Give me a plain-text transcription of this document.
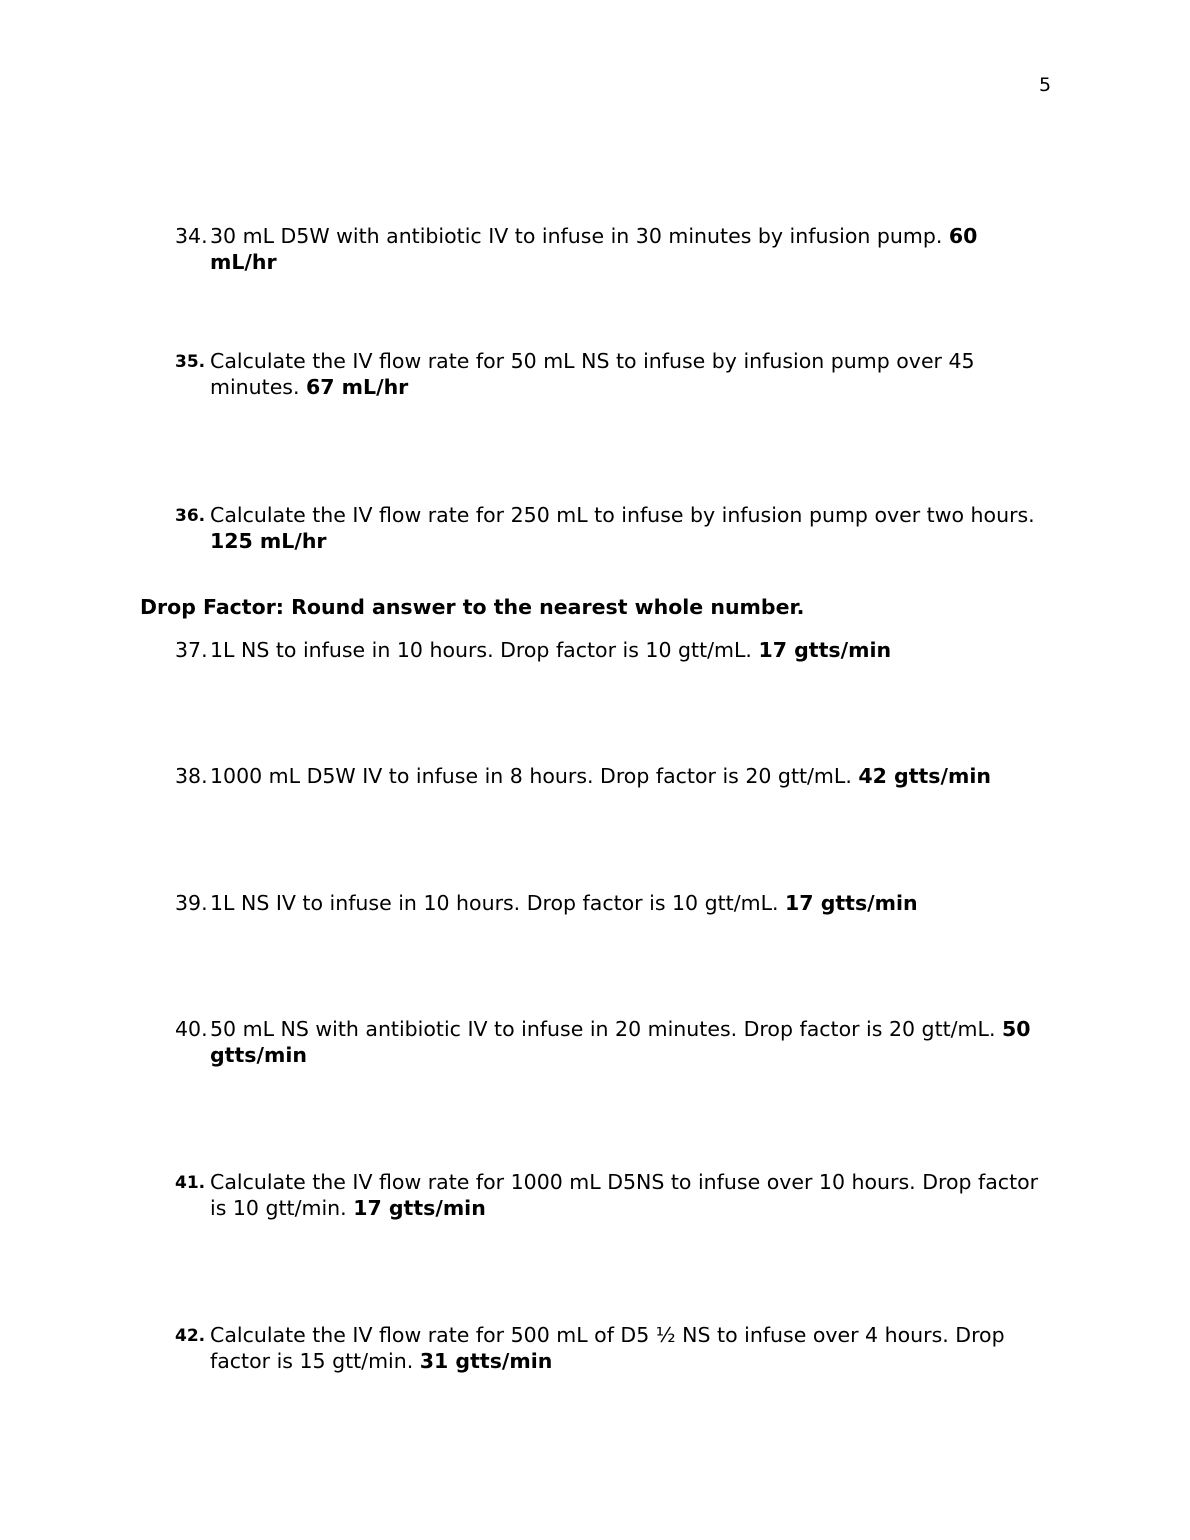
5
34. 30 mL D5W with antibiotic IV to infuse in 30 minutes by infusion pump. 60 mL/hr
35. Calculate the IV flow rate for 50 mL NS to infuse by infusion pump over 45 minutes. 67 mL/hr
36. Calculate the IV flow rate for 250 mL to infuse by infusion pump over two hours. 125 mL/hr
Drop Factor: Round answer to the nearest whole number.
37. 1L NS to infuse in 10 hours. Drop factor is 10 gtt/mL. 17 gtts/min
38. 1000 mL D5W IV to infuse in 8 hours. Drop factor is 20 gtt/mL. 42 gtts/min
39. 1L NS IV to infuse in 10 hours. Drop factor is 10 gtt/mL. 17 gtts/min
40. 50 mL NS with antibiotic IV to infuse in 20 minutes. Drop factor is 20 gtt/mL. 50 gtts/min
41. Calculate the IV flow rate for 1000 mL D5NS to infuse over 10 hours. Drop factor is 10 gtt/min. 17 gtts/min
42. Calculate the IV flow rate for 500 mL of D5 ½ NS to infuse over 4 hours. Drop factor is 15 gtt/min. 31 gtts/min
